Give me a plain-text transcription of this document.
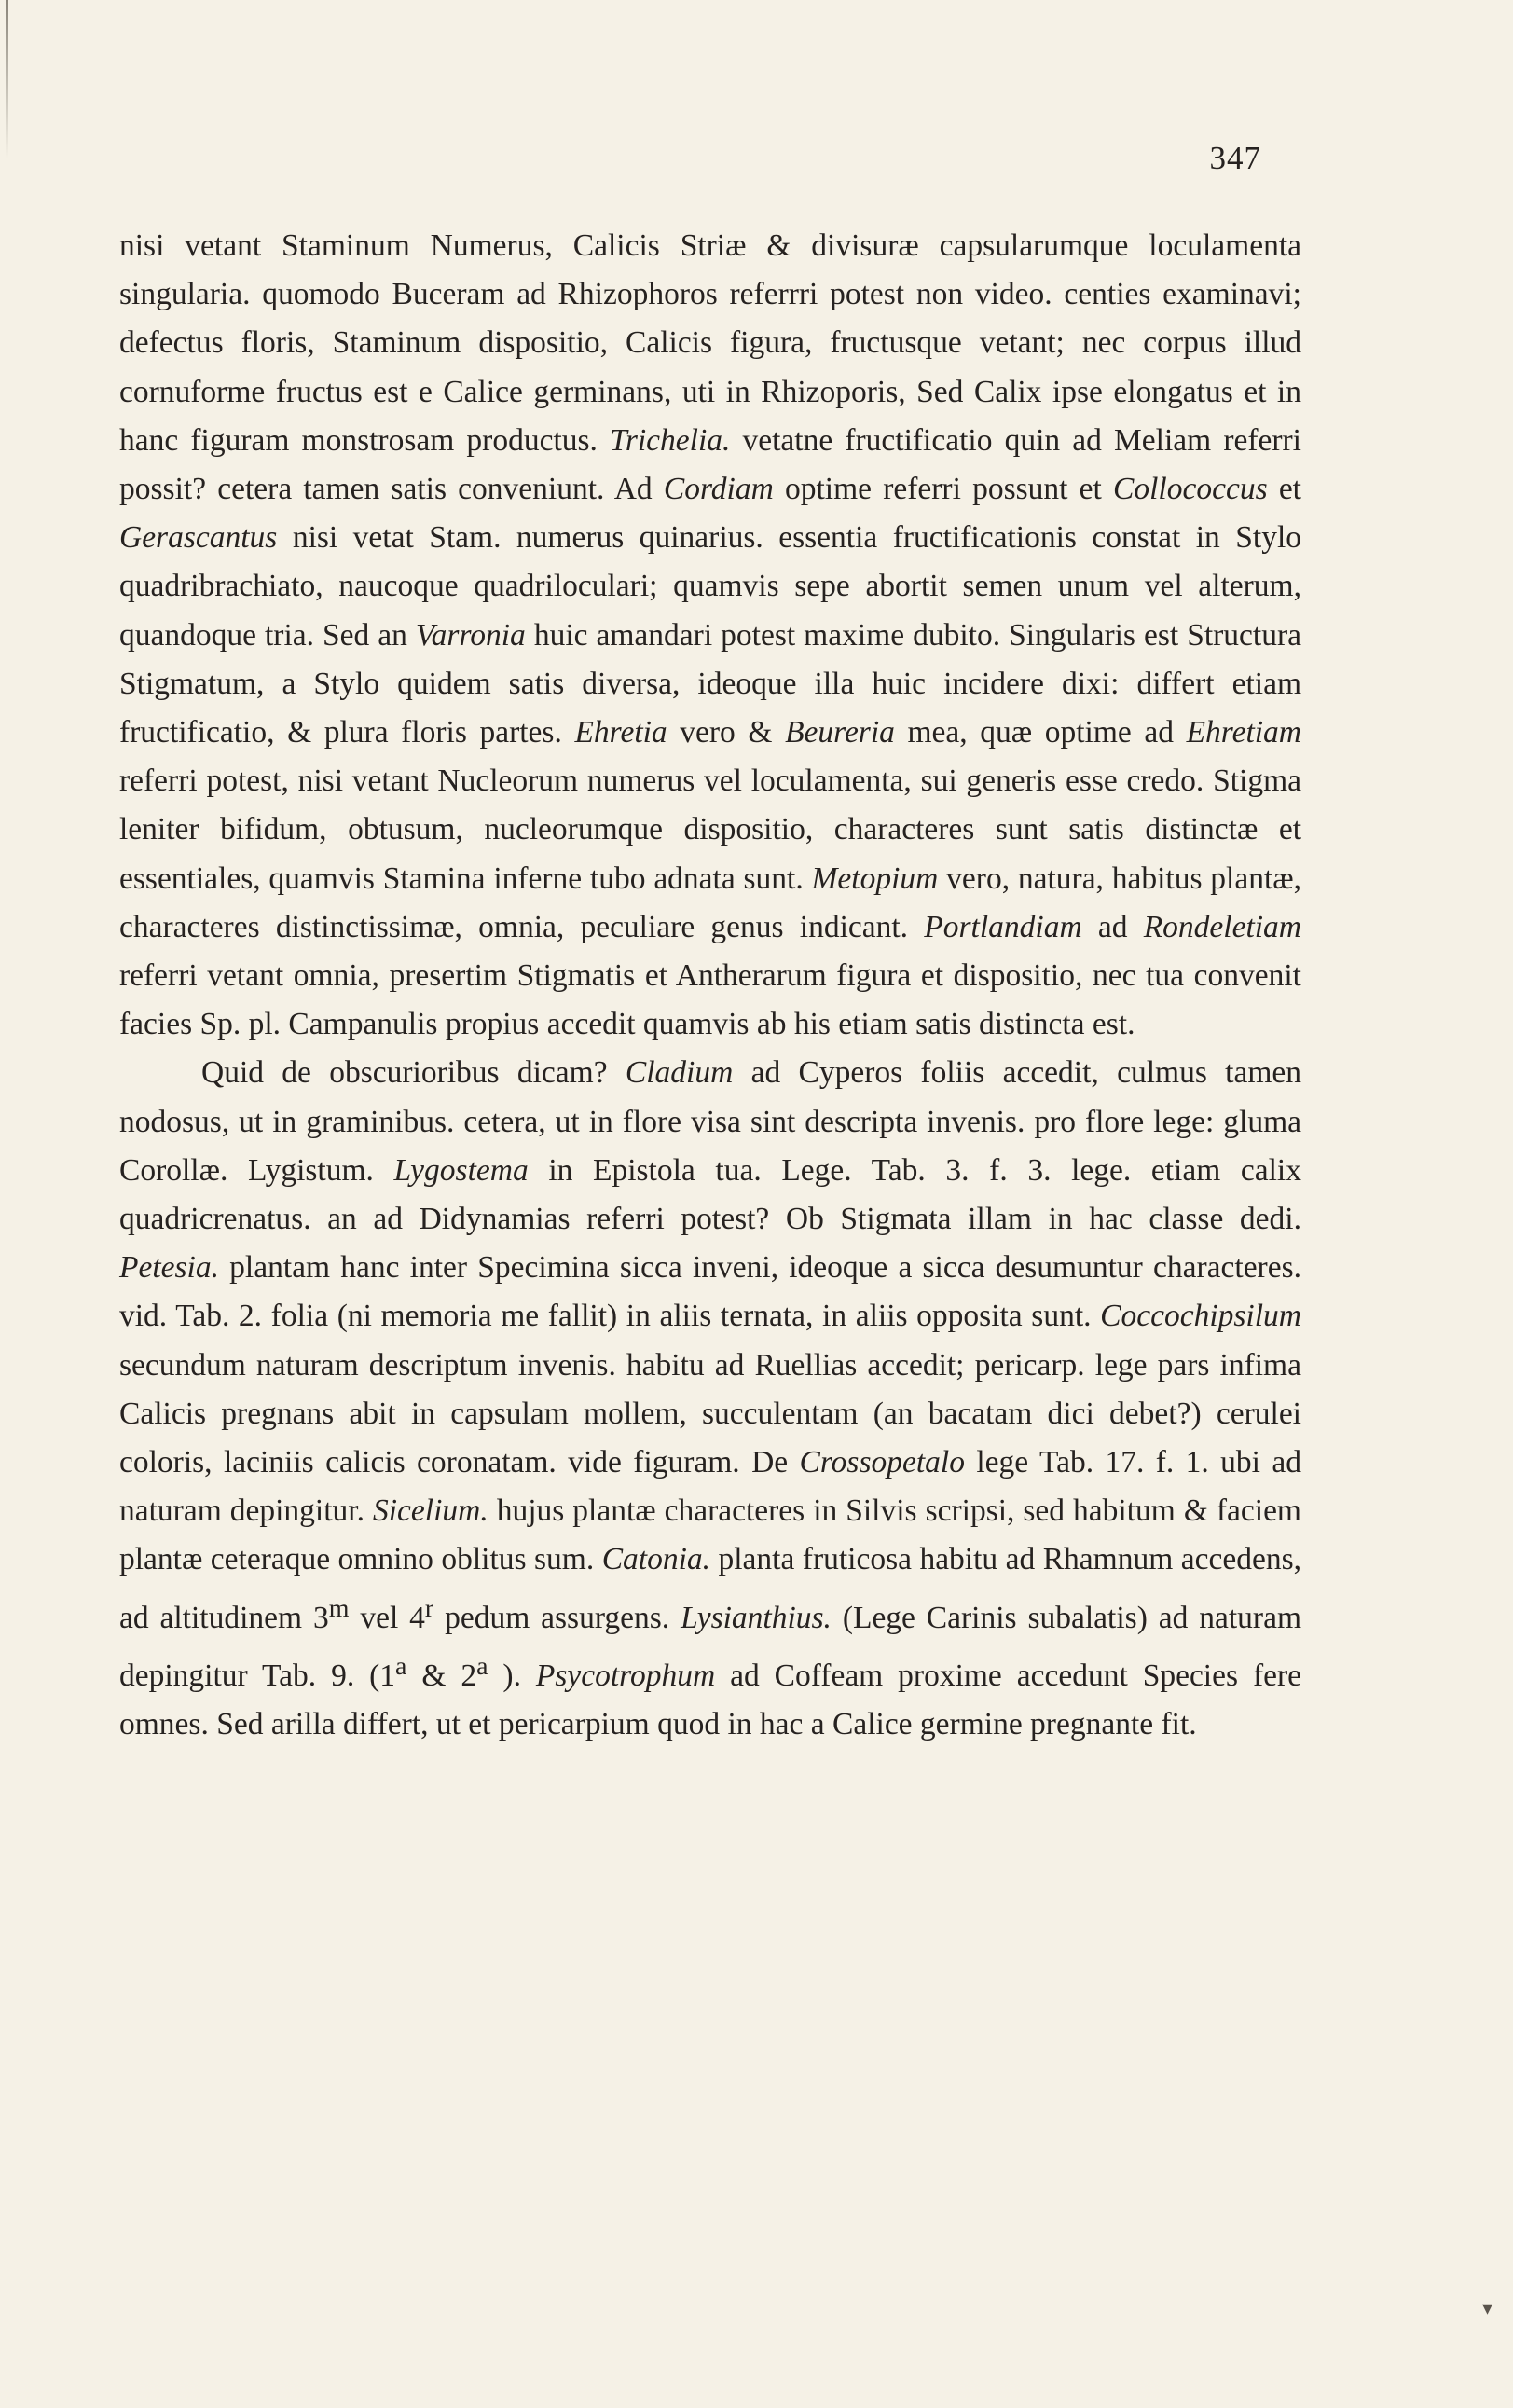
347

nisi vetant Staminum Numerus, Calicis Striæ & divisuræ capsularumque loculamenta singularia. quomodo Buceram ad Rhizophoros referrri potest non video. centies examinavi; defectus floris, Staminum dispositio, Calicis figura, fructusque vetant; nec corpus illud cornuforme fructus est e Calice germinans, uti in Rhizoporis, Sed Calix ipse elongatus et in hanc figuram monstrosam productus. Trichelia. vetatne fructificatio quin ad Meliam referri possit? cetera tamen satis conveniunt. Ad Cordiam optime referri possunt et Collococcus et Gerascantus nisi vetat Stam. numerus quinarius. essentia fructificationis constat in Stylo quadribrachiato, naucoque quadriloculari; quamvis sepe abortit semen unum vel alterum, quandoque tria. Sed an Varronia huic amandari potest maxime dubito. Singularis est Structura Stigmatum, a Stylo quidem satis diversa, ideoque illa huic incidere dixi: differt etiam fructificatio, & plura floris partes. Ehretia vero & Beureria mea, quæ optime ad Ehretiam referri potest, nisi vetant Nucleorum numerus vel loculamenta, sui generis esse credo. Stigma leniter bifidum, obtusum, nucleorumque dispositio, characteres sunt satis distinctæ et essentiales, quamvis Stamina inferne tubo adnata sunt. Metopium vero, natura, habitus plantæ, characteres distinctissimæ, omnia, peculiare genus indicant. Portlandiam ad Rondeletiam referri vetant omnia, presertim Stigmatis et Antherarum figura et dispositio, nec tua convenit facies Sp. pl. Campanulis propius accedit quamvis ab his etiam satis distincta est.

Quid de obscurioribus dicam? Cladium ad Cyperos foliis accedit, culmus tamen nodosus, ut in graminibus. cetera, ut in flore visa sint descripta invenis. pro flore lege: gluma Corollæ. Lygistum. Lygostema in Epistola tua. Lege. Tab. 3. f. 3. lege. etiam calix quadricrenatus. an ad Didynamias referri potest? Ob Stigmata illam in hac classe dedi. Petesia. plantam hanc inter Specimina sicca inveni, ideoque a sicca desumuntur characteres. vid. Tab. 2. folia (ni memoria me fallit) in aliis ternata, in aliis opposita sunt. Coccochipsilum secundum naturam descriptum invenis. habitu ad Ruellias accedit; pericarp. lege pars infima Calicis pregnans abit in capsulam mollem, succulentam (an bacatam dici debet?) cerulei coloris, laciniis calicis coronatam. vide figuram. De Crossopetalo lege Tab. 17. f. 1. ubi ad naturam depingitur. Sicelium. hujus plantæ characteres in Silvis scripsi, sed habitum & faciem plantæ ceteraque omnino oblitus sum. Catonia. planta fruticosa habitu ad Rhamnum accedens, ad altitudinem 3$^m$ vel 4$^r$ pedum assurgens. Lysianthius. (Lege Carinis subalatis) ad naturam depingitur Tab. 9. (1$^a$ & 2$^a$ ). Psycotrophum ad Coffeam proxime accedunt Species fere omnes. Sed arilla differt, ut et pericarpium quod in hac a Calice germine pregnante fit.

▾
